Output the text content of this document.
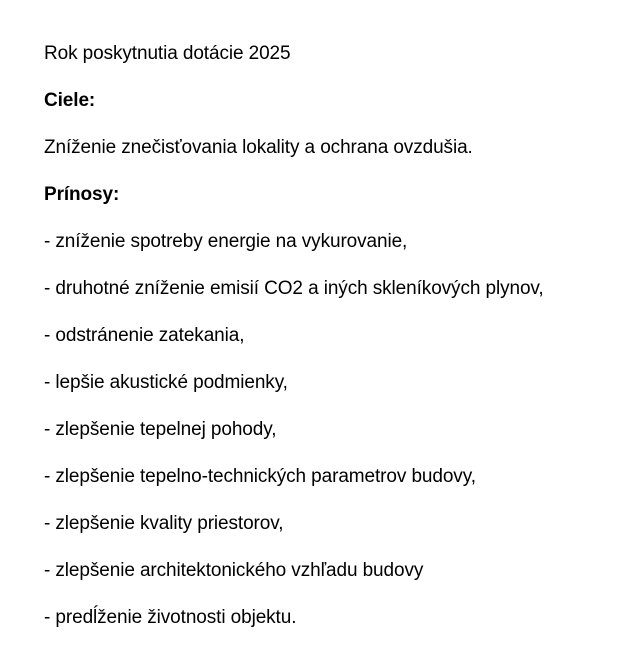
Rok poskytnutia dotácie 2025
Ciele:
Zníženie znečisťovania lokality a ochrana ovzdušia.
Prínosy:
- zníženie spotreby energie na vykurovanie,
- druhotné zníženie emisií CO2 a iných skleníkových plynov,
- odstránenie zatekania,
- lepšie akustické podmienky,
- zlepšenie tepelnej pohody,
- zlepšenie tepelno-technických parametrov budovy,
- zlepšenie kvality priestorov,
- zlepšenie architektonického vzhľadu budovy
- predĺženie životnosti objektu.
